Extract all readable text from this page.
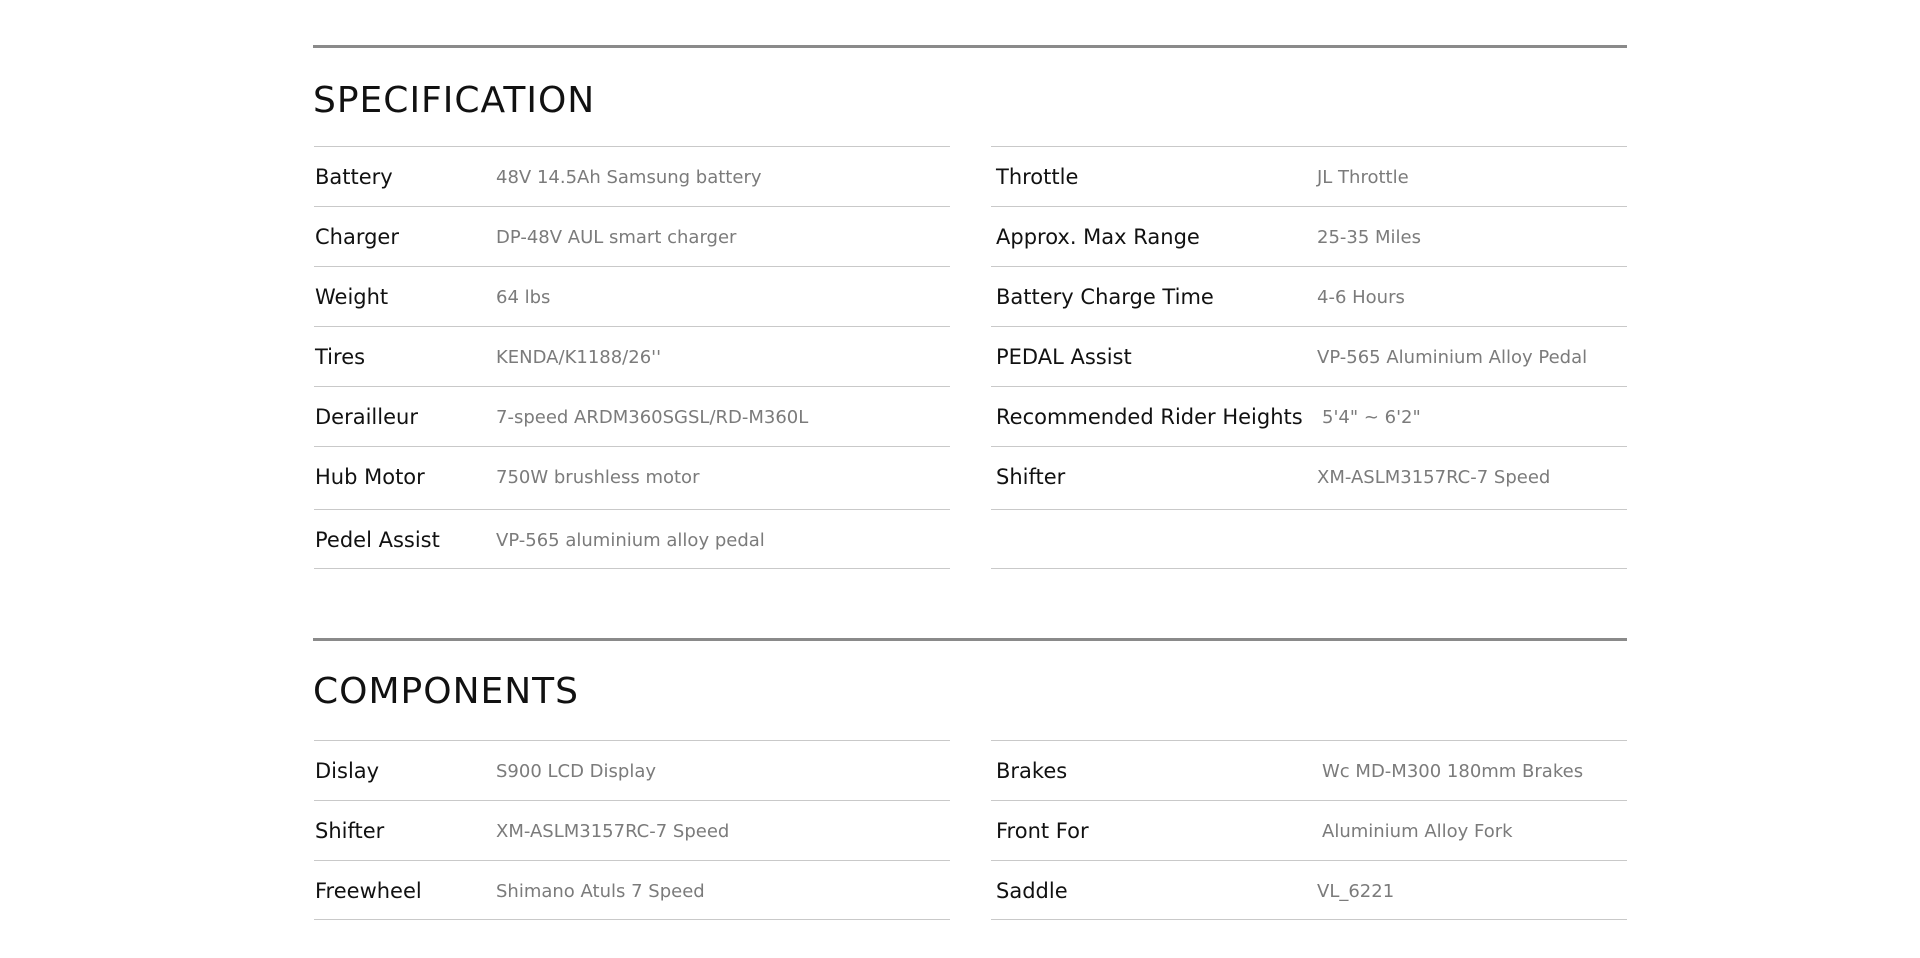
SPECIFICATION
Battery	48V 14.5Ah Samsung battery
Charger	DP-48V AUL smart charger
Weight	64 lbs
Tires	KENDA/K1188/26''
Derailleur	7-speed ARDM360SGSL/RD-M360L
Hub Motor	750W brushless motor
Pedel Assist	VP-565 aluminium alloy pedal
Throttle	JL Throttle
Approx. Max Range	25-35 Miles
Battery Charge Time	4-6 Hours
PEDAL Assist	VP-565 Aluminium Alloy Pedal
Recommended Rider Heights 5'4" ~ 6'2"
Shifter	XM-ASLM3157RC-7 Speed
COMPONENTS
Dislay	S900 LCD Display
Shifter	XM-ASLM3157RC-7 Speed
Freewheel	Shimano Atuls 7 Speed
Brakes	Wc MD-M300 180mm Brakes
Front For	Aluminium Alloy Fork
Saddle	VL_6221
